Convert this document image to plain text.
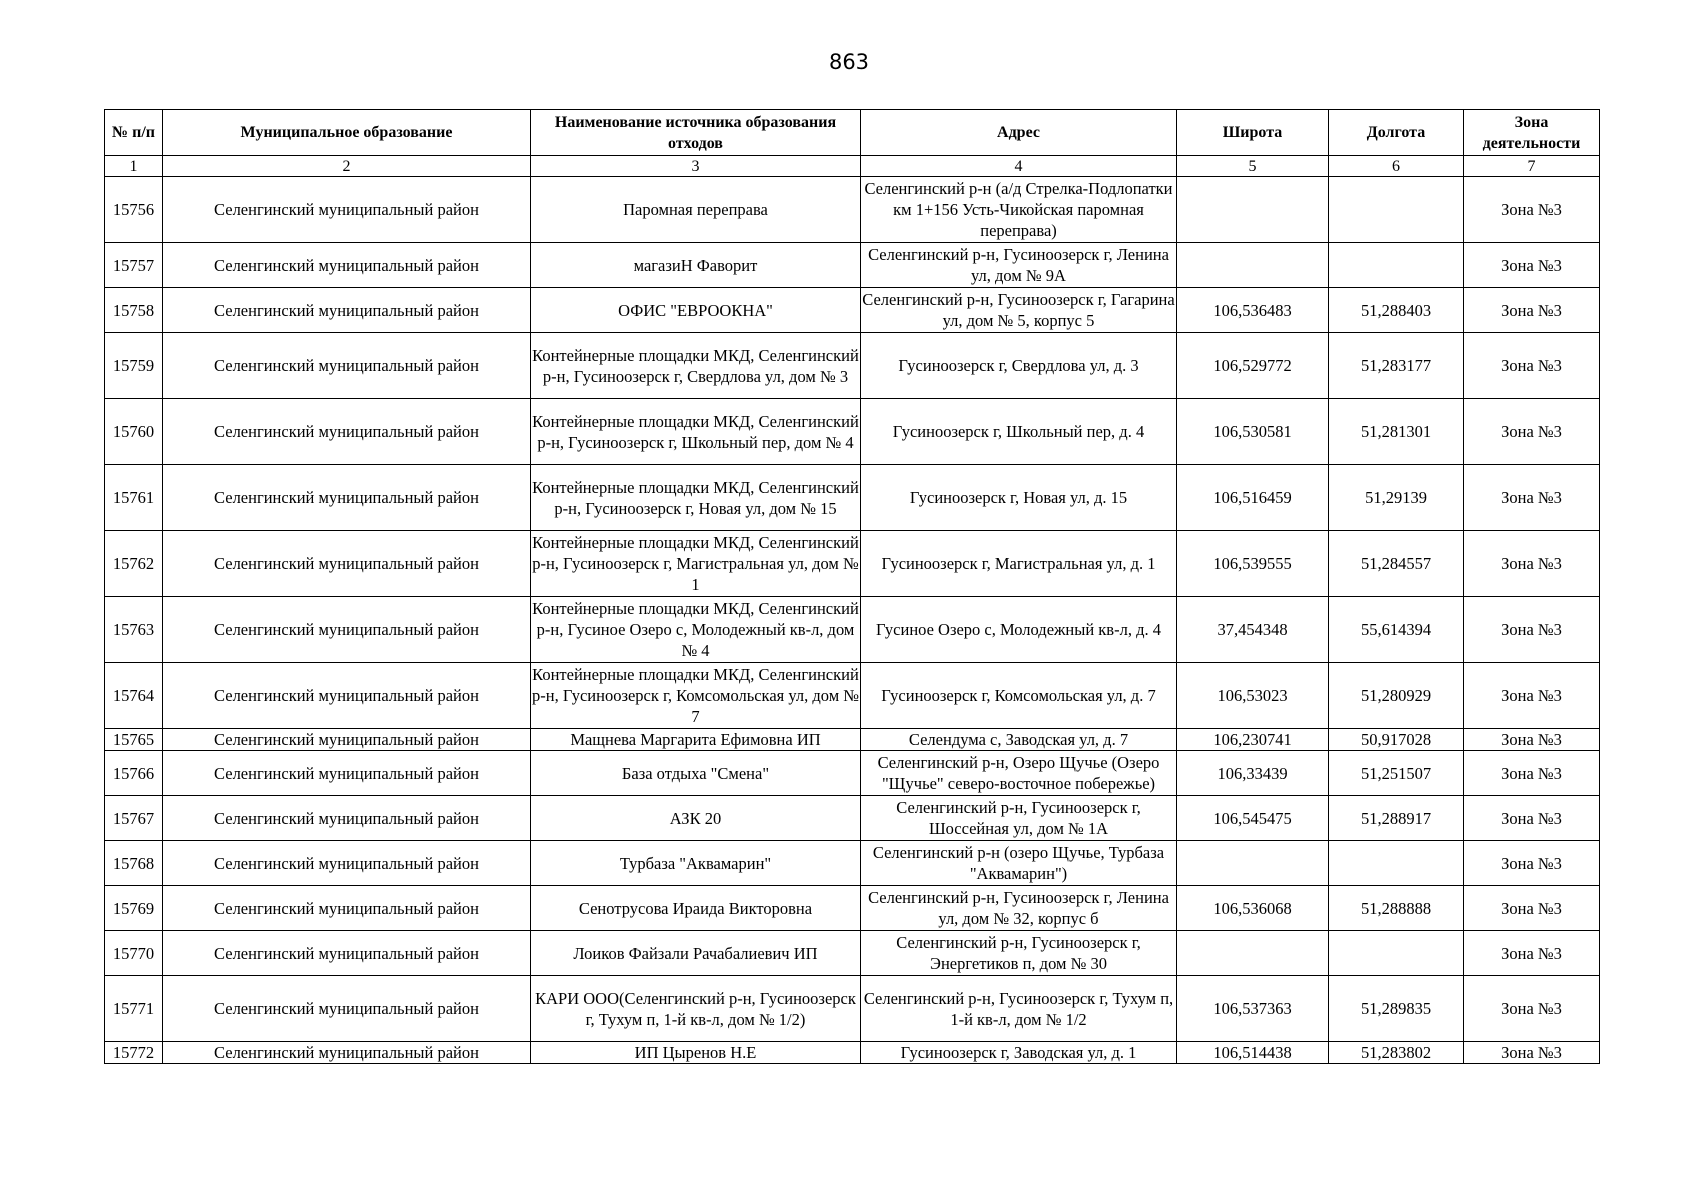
863
№ п/п	Муниципальное образование	Наименование источника образования отходов	Адрес	Широта	Долгота	Зона деятельности
1	2	3	4	5	6	7
15756	Селенгинский муниципальный район	Паромная переправа	Селенгинский р-н (а/д Стрелка-Подлопатки км 1+156 Усть-Чикойская паромная переправа)			Зона №3
15757	Селенгинский муниципальный район	магазиН Фаворит	Селенгинский р-н, Гусиноозерск г, Ленина ул, дом № 9А			Зона №3
15758	Селенгинский муниципальный район	ОФИС "ЕВРООКНА"	Селенгинский р-н, Гусиноозерск г, Гагарина ул, дом № 5, корпус 5	106,536483	51,288403	Зона №3
15759	Селенгинский муниципальный район	Контейнерные площадки МКД, Селенгинский р-н, Гусиноозерск г, Свердлова ул, дом № 3	Гусиноозерск г, Свердлова ул, д. 3	106,529772	51,283177	Зона №3
15760	Селенгинский муниципальный район	Контейнерные площадки МКД, Селенгинский р-н, Гусиноозерск г, Школьный пер, дом № 4	Гусиноозерск г, Школьный пер, д. 4	106,530581	51,281301	Зона №3
15761	Селенгинский муниципальный район	Контейнерные площадки МКД, Селенгинский р-н, Гусиноозерск г, Новая ул, дом № 15	Гусиноозерск г, Новая ул, д. 15	106,516459	51,29139	Зона №3
15762	Селенгинский муниципальный район	Контейнерные площадки МКД, Селенгинский р-н, Гусиноозерск г, Магистральная ул, дом № 1	Гусиноозерск г, Магистральная ул, д. 1	106,539555	51,284557	Зона №3
15763	Селенгинский муниципальный район	Контейнерные площадки МКД, Селенгинский р-н, Гусиное Озеро с, Молодежный кв-л, дом № 4	Гусиное Озеро с, Молодежный кв-л, д. 4	37,454348	55,614394	Зона №3
15764	Селенгинский муниципальный район	Контейнерные площадки МКД, Селенгинский р-н, Гусиноозерск г, Комсомольская ул, дом № 7	Гусиноозерск г, Комсомольская ул, д. 7	106,53023	51,280929	Зона №3
15765	Селенгинский муниципальный район	Мащнева Маргарита Ефимовна ИП	Селендума с, Заводская ул, д. 7	106,230741	50,917028	Зона №3
15766	Селенгинский муниципальный район	База отдыха "Смена"	Селенгинский р-н, Озеро Щучье (Озеро "Щучье" северо-восточное побережье)	106,33439	51,251507	Зона №3
15767	Селенгинский муниципальный район	АЗК 20	Селенгинский р-н, Гусиноозерск г, Шоссейная ул, дом № 1А	106,545475	51,288917	Зона №3
15768	Селенгинский муниципальный район	Турбаза "Аквамарин"	Селенгинский р-н (озеро Щучье, Турбаза "Аквамарин")			Зона №3
15769	Селенгинский муниципальный район	Сенотрусова Ираида Викторовна	Селенгинский р-н, Гусиноозерск г, Ленина ул, дом № 32, корпус б	106,536068	51,288888	Зона №3
15770	Селенгинский муниципальный район	Лоиков Файзали Рачабалиевич ИП	Селенгинский р-н, Гусиноозерск г, Энергетиков п, дом № 30			Зона №3
15771	Селенгинский муниципальный район	КАРИ ООО(Селенгинский р-н, Гусиноозерск г, Тухум п, 1-й кв-л, дом № 1/2)	Селенгинский р-н, Гусиноозерск г, Тухум п, 1-й кв-л, дом № 1/2	106,537363	51,289835	Зона №3
15772	Селенгинский муниципальный район	ИП Цыренов Н.Е	Гусиноозерск г, Заводская ул, д. 1	106,514438	51,283802	Зона №3
